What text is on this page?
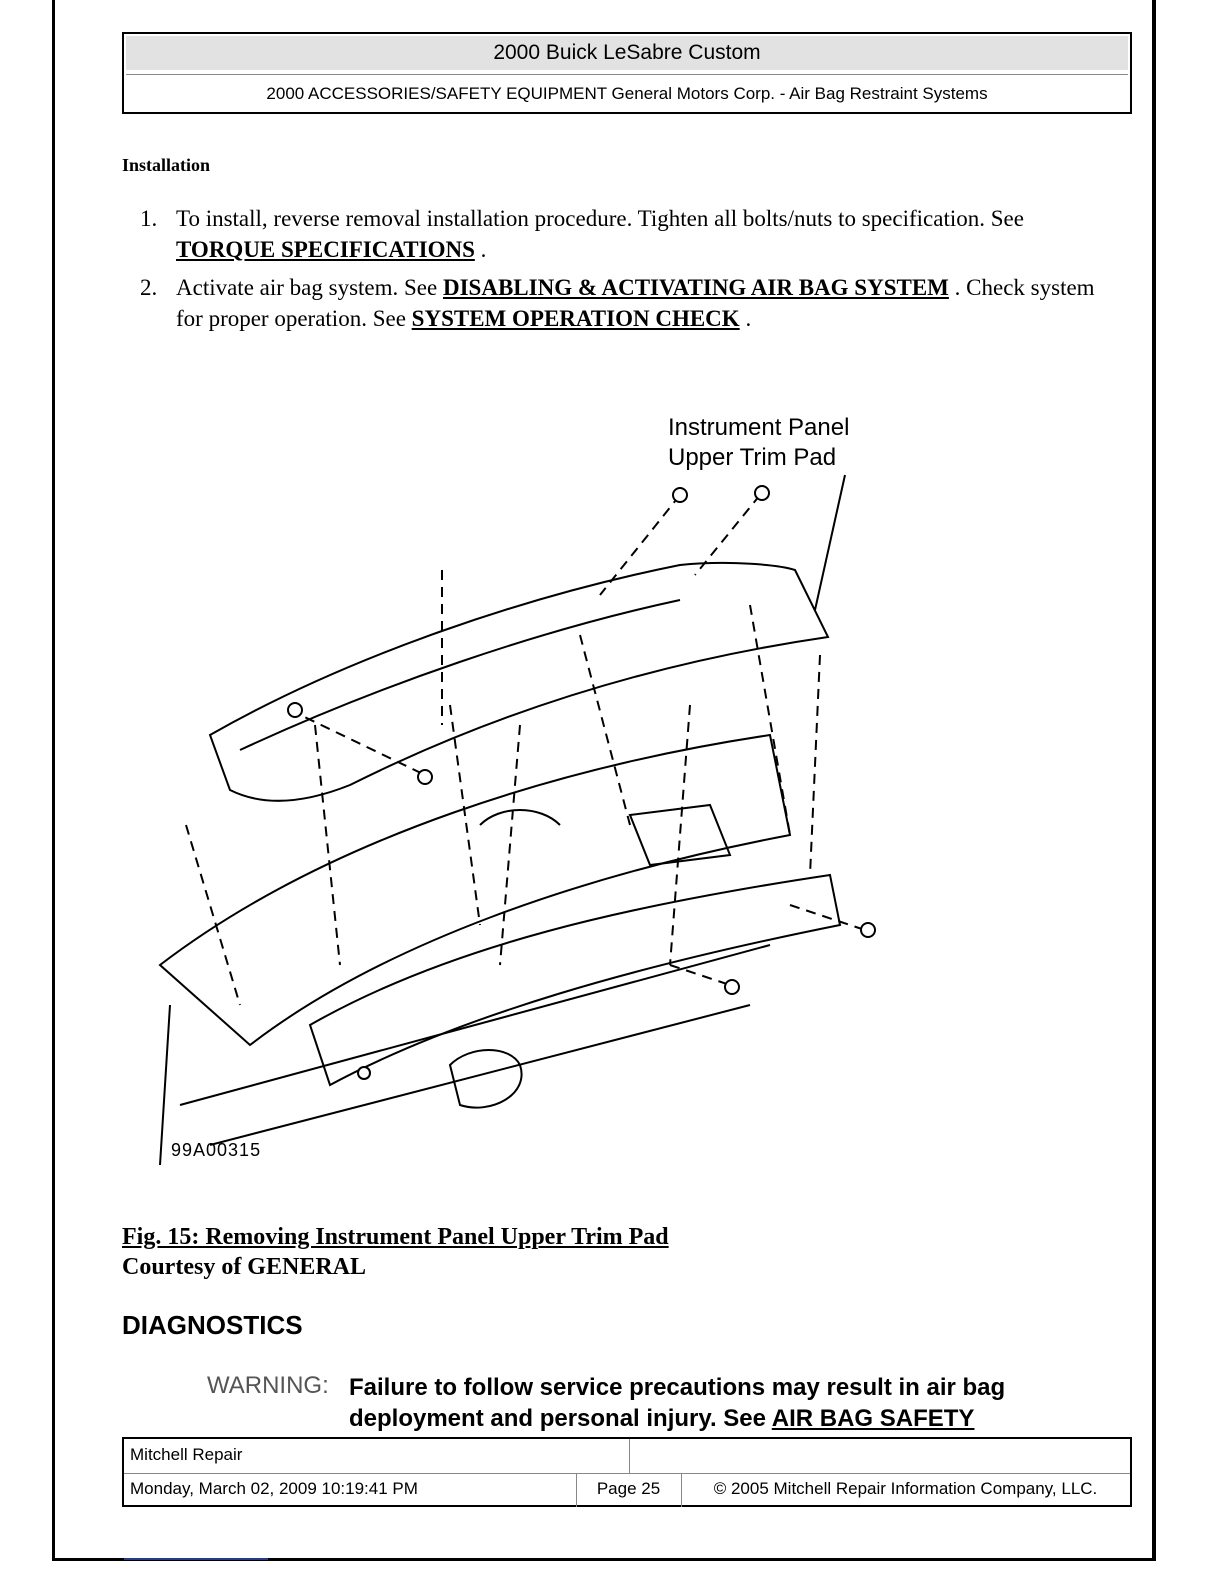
2000 Buick LeSabre Custom
2000 ACCESSORIES/SAFETY EQUIPMENT General Motors Corp. - Air Bag Restraint Systems
Installation
1. To install, reverse removal installation procedure. Tighten all bolts/nuts to specification. See TORQUE SPECIFICATIONS .
2. Activate air bag system. See DISABLING & ACTIVATING AIR BAG SYSTEM . Check system for proper operation. See SYSTEM OPERATION CHECK .
Instrument Panel
Upper Trim Pad
99A00315
Fig. 15: Removing Instrument Panel Upper Trim Pad
Courtesy of GENERAL
DIAGNOSTICS
WARNING: Failure to follow service precautions may result in air bag deployment and personal injury. See AIR BAG SAFETY
Mitchell Repair
Monday, March 02, 2009 10:19:41 PM	Page 25	© 2005 Mitchell Repair Information Company, LLC.
